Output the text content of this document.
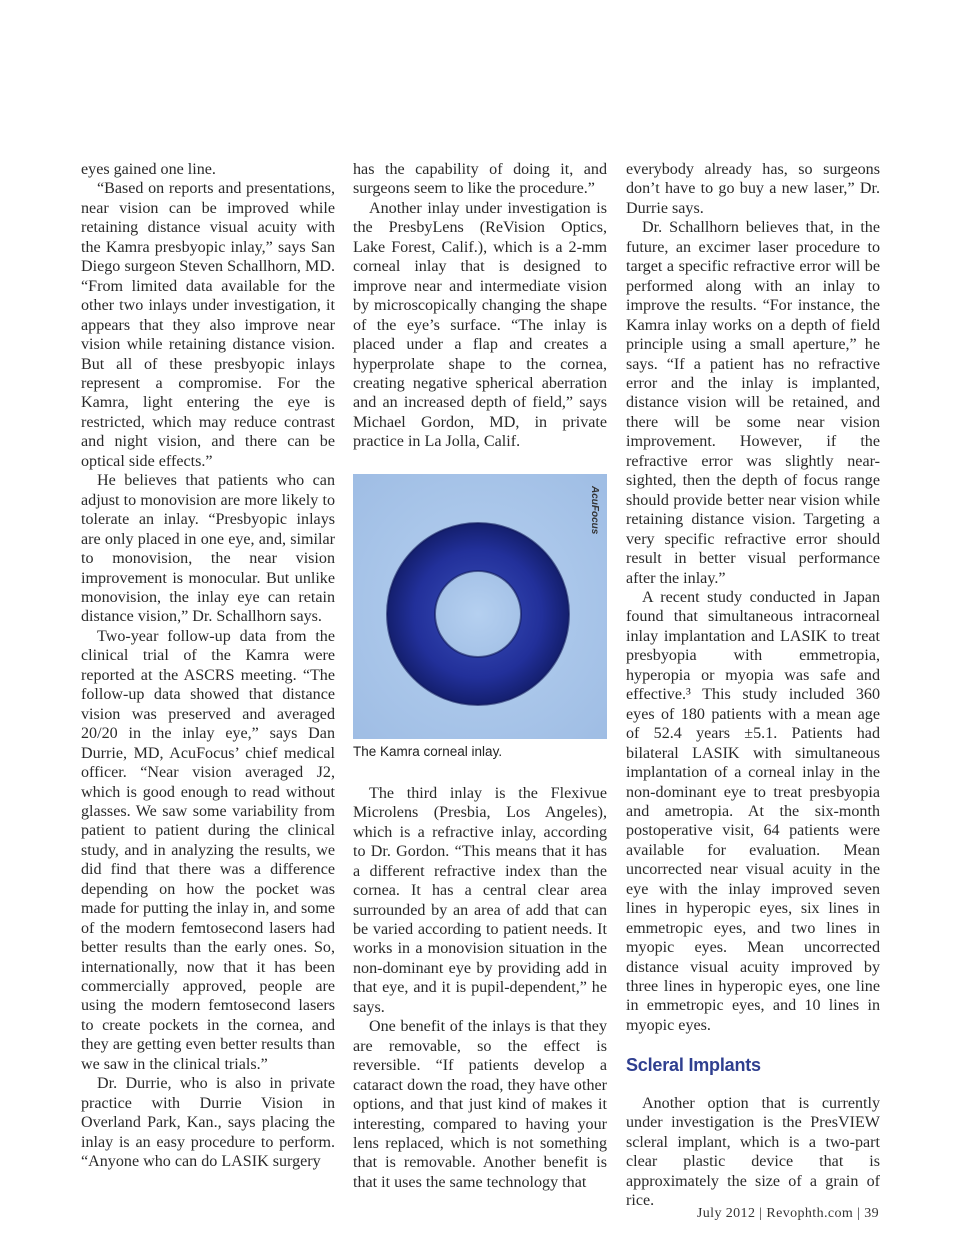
eyes gained one line.

“Based on reports and presentations, near vision can be improved while retaining distance visual acuity with the Kamra presbyopic inlay,” says San Diego surgeon Steven Schallhorn, MD. “From limited data available for the other two inlays under investigation, it appears that they also improve near vision while retaining distance vision. But all of these presbyopic inlays represent a compromise. For the Kamra, light entering the eye is restricted, which may reduce contrast and night vision, and there can be optical side effects.”

He believes that patients who can adjust to monovision are more likely to tolerate an inlay. “Presbyopic inlays are only placed in one eye, and, similar to monovision, the near vision improvement is monocular. But unlike monovision, the inlay eye can retain distance vision,” Dr. Schallhorn says.

Two-year follow-up data from the clinical trial of the Kamra were reported at the ASCRS meeting. “The follow-up data showed that distance vision was preserved and averaged 20/20 in the inlay eye,” says Dan Durrie, MD, AcuFocus’ chief medical officer. “Near vision averaged J2, which is good enough to read without glasses. We saw some variability from patient to patient during the clinical study, and in analyzing the results, we did find that there was a difference depending on how the pocket was made for putting the inlay in, and some of the modern femtosecond lasers had better results than the early ones. So, internationally, now that it has been commercially approved, people are using the modern femtosecond lasers to create pockets in the cornea, and they are getting even better results than we saw in the clinical trials.”

Dr. Durrie, who is also in private practice with Durrie Vision in Overland Park, Kan., says placing the inlay is an easy procedure to perform. “Anyone who can do LASIK surgery

has the capability of doing it, and surgeons seem to like the procedure.”

Another inlay under investigation is the PresbyLens (ReVision Optics, Lake Forest, Calif.), which is a 2-mm corneal inlay that is designed to improve near and intermediate vision by microscopically changing the shape of the eye’s surface. “The inlay is placed under a flap and creates a hyperprolate shape to the cornea, creating negative spherical aberration and an increased depth of field,” says Michael Gordon, MD, in private practice in La Jolla, Calif.

AcuFocus
The Kamra corneal inlay.

The third inlay is the Flexivue Microlens (Presbia, Los Angeles), which is a refractive inlay, according to Dr. Gordon. “This means that it has a different refractive index than the cornea. It has a central clear area surrounded by an area of add that can be varied according to patient needs. It works in a monovision situation in the non-dominant eye by providing add in that eye, and it is pupil-dependent,” he says.

One benefit of the inlays is that they are removable, so the effect is reversible. “If patients develop a cataract down the road, they have other options, and that just kind of makes it interesting, compared to having your lens replaced, which is not something that is removable. Another benefit is that it uses the same technology that

everybody already has, so surgeons don’t have to go buy a new laser,” Dr. Durrie says.

Dr. Schallhorn believes that, in the future, an excimer laser procedure to target a specific refractive error will be performed along with an inlay to improve the results. “For instance, the Kamra inlay works on a depth of field principle using a small aperture,” he says. “If a patient has no refractive error and the inlay is implanted, distance vision will be retained, and there will be some near vision improvement. However, if the refractive error was slightly near-sighted, then the depth of focus range should provide better near vision while retaining distance vision. Targeting a very specific refractive error should result in better visual performance after the inlay.”

A recent study conducted in Japan found that simultaneous intracorneal inlay implantation and LASIK to treat presbyopia with emmetropia, hyperopia or myopia was safe and effective.³ This study included 360 eyes of 180 patients with a mean age of 52.4 years ±5.1. Patients had bilateral LASIK with simultaneous implantation of a corneal inlay in the non-dominant eye to treat presbyopia and ametropia. At the six-month postoperative visit, 64 patients were available for evaluation. Mean uncorrected near visual acuity in the eye with the inlay improved seven lines in hyperopic eyes, six lines in emmetropic eyes, and two lines in myopic eyes. Mean uncorrected distance visual acuity improved by three lines in hyperopic eyes, one line in emmetropic eyes, and 10 lines in myopic eyes.

Scleral Implants

Another option that is currently under investigation is the PresVIEW scleral implant, which is a two-part clear plastic device that is approximately the size of a grain of rice.

July 2012 | Revophth.com | 39
